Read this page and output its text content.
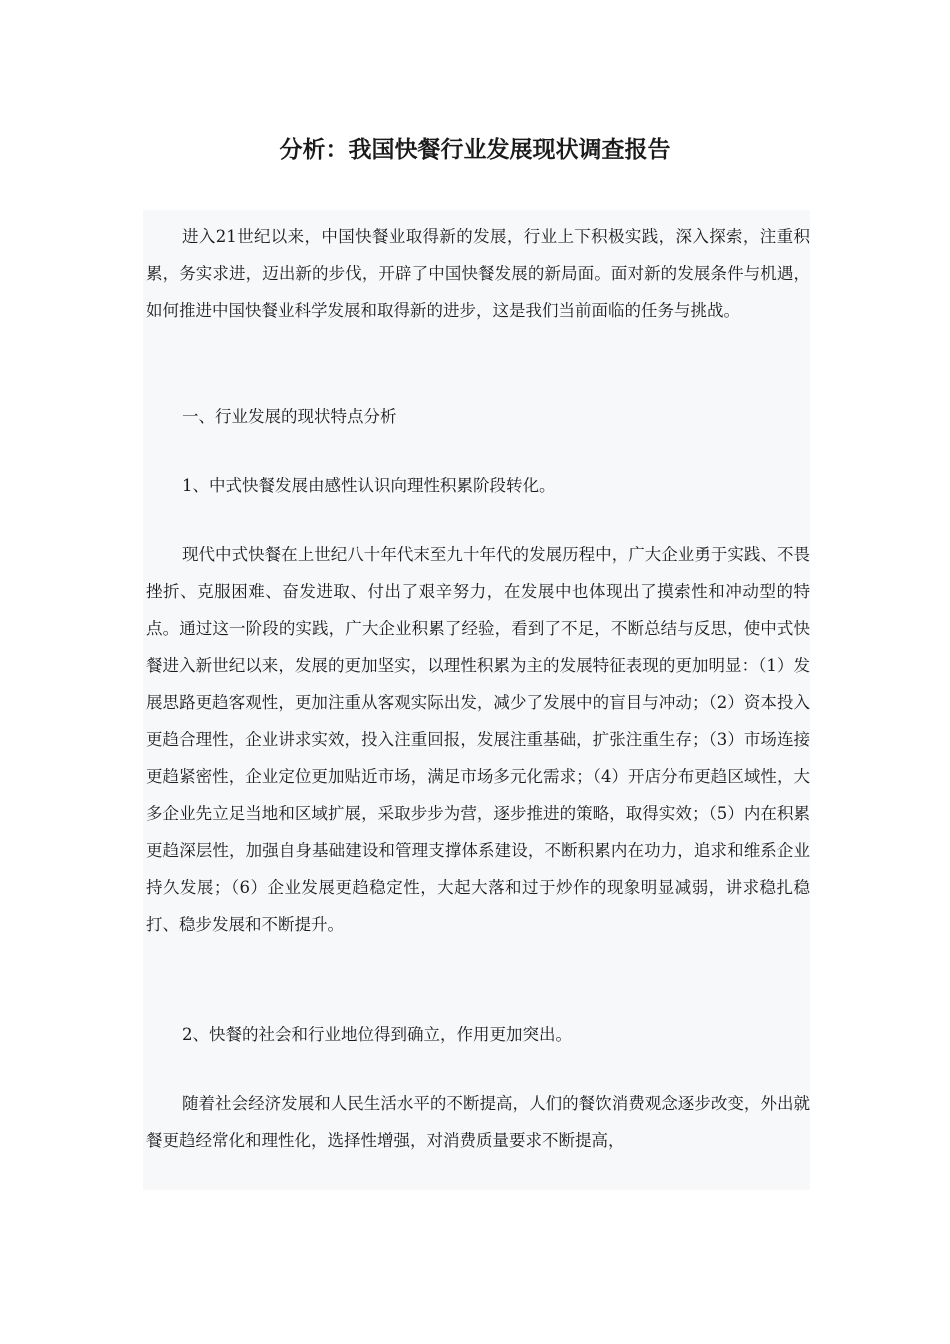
分析：我国快餐行业发展现状调查报告

进入21世纪以来，中国快餐业取得新的发展，行业上下积极实践，深入探索，注重积累，务实求进，迈出新的步伐，开辟了中国快餐发展的新局面。面对新的发展条件与机遇，如何推进中国快餐业科学发展和取得新的进步，这是我们当前面临的任务与挑战。

一、行业发展的现状特点分析

1、中式快餐发展由感性认识向理性积累阶段转化。

现代中式快餐在上世纪八十年代末至九十年代的发展历程中，广大企业勇于实践、不畏挫折、克服困难、奋发进取、付出了艰辛努力，在发展中也体现出了摸索性和冲动型的特点。通过这一阶段的实践，广大企业积累了经验，看到了不足，不断总结与反思，使中式快餐进入新世纪以来，发展的更加坚实，以理性积累为主的发展特征表现的更加明显：（1）发展思路更趋客观性，更加注重从客观实际出发，减少了发展中的盲目与冲动；（2）资本投入更趋合理性，企业讲求实效，投入注重回报，发展注重基础，扩张注重生存；（3）市场连接更趋紧密性，企业定位更加贴近市场，满足市场多元化需求；（4）开店分布更趋区域性，大多企业先立足当地和区域扩展，采取步步为营，逐步推进的策略，取得实效；（5）内在积累更趋深层性，加强自身基础建设和管理支撑体系建设，不断积累内在功力，追求和维系企业持久发展；（6）企业发展更趋稳定性，大起大落和过于炒作的现象明显减弱，讲求稳扎稳打、稳步发展和不断提升。

2、快餐的社会和行业地位得到确立，作用更加突出。

随着社会经济发展和人民生活水平的不断提高，人们的餐饮消费观念逐步改变，外出就餐更趋经常化和理性化，选择性增强，对消费质量要求不断提高，
